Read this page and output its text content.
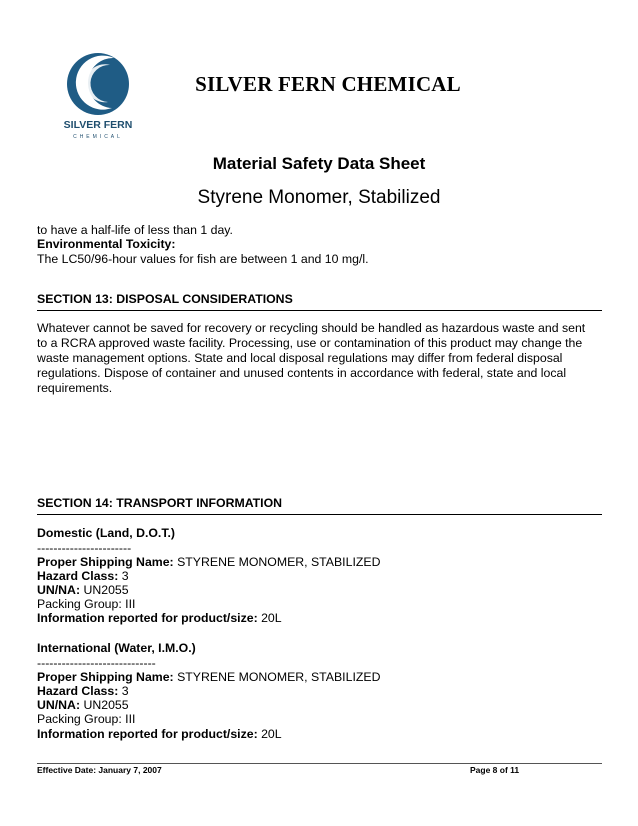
SILVER FERN
CHEMICAL
SILVER FERN CHEMICAL
Material Safety Data Sheet
Styrene Monomer, Stabilized
to have a half-life of less than 1 day.
Environmental Toxicity:
The LC50/96-hour values for fish are between 1 and 10 mg/l.
SECTION 13: DISPOSAL CONSIDERATIONS
Whatever cannot be saved for recovery or recycling should be handled as hazardous waste and sent
to a RCRA approved waste facility. Processing, use or contamination of this product may change the
waste management options. State and local disposal regulations may differ from federal disposal
regulations. Dispose of container and unused contents in accordance with federal, state and local
requirements.
SECTION 14: TRANSPORT INFORMATION
Domestic (Land, D.O.T.)
-----------------------
Proper Shipping Name: STYRENE MONOMER, STABILIZED
Hazard Class: 3
UN/NA: UN2055
Packing Group: III
Information reported for product/size: 20L
International (Water, I.M.O.)
-----------------------------
Proper Shipping Name: STYRENE MONOMER, STABILIZED
Hazard Class: 3
UN/NA: UN2055
Packing Group: III
Information reported for product/size: 20L
Effective Date: January 7, 2007	Page 8 of 11
